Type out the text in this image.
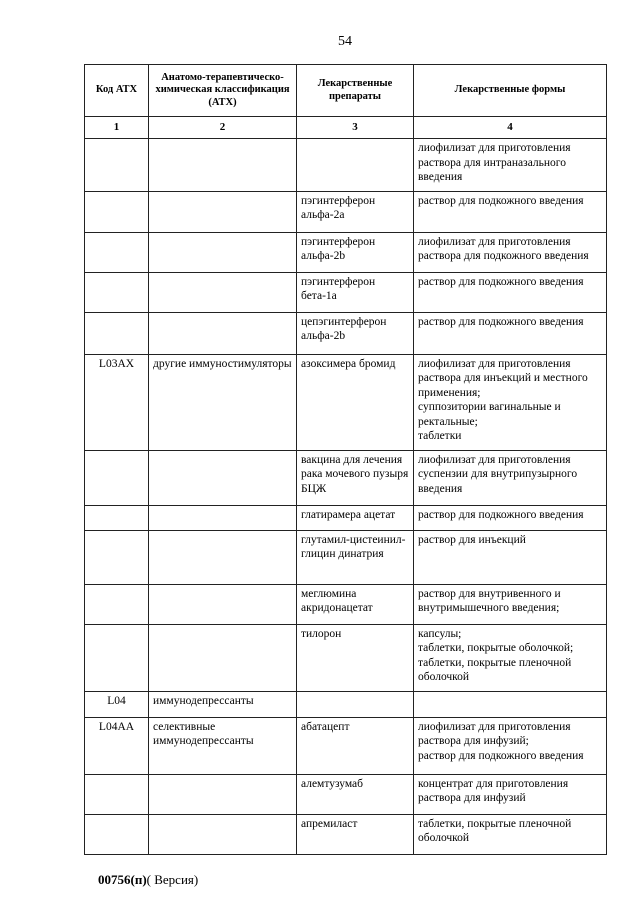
54
Код АТХ	Анатомо-терапевтическо-химическая классификация (АТХ)	Лекарственные препараты	Лекарственные формы
1	2	3	4
			лиофилизат для приготовления раствора для интраназального введения
		пэгинтерферон альфа-2a	раствор для подкожного введения
		пэгинтерферон альфа-2b	лиофилизат для приготовления раствора для подкожного введения
		пэгинтерферон бета-1a	раствор для подкожного введения
		цепэгинтерферон альфа-2b	раствор для подкожного введения
L03AX	другие иммуностимуляторы	азоксимера бромид	лиофилизат для приготовления раствора для инъекций и местного применения;
суппозитории вагинальные и ректальные;
таблетки
		вакцина для лечения рака мочевого пузыря БЦЖ	лиофилизат для приготовления суспензии для внутрипузырного введения
		глатирамера ацетат	раствор для подкожного введения
		глутамил-цистеинил-глицин динатрия	раствор для инъекций
		меглюмина акридонацетат	раствор для внутривенного и внутримышечного введения;
		тилорон	капсулы;
таблетки, покрытые оболочкой;
таблетки, покрытые пленочной оболочкой
L04	иммунодепрессанты		
L04AA	селективные иммунодепрессанты	абатацепт	лиофилизат для приготовления раствора для инфузий;
раствор для подкожного введения
		алемтузумаб	концентрат для приготовления раствора для инфузий
		апремиласт	таблетки, покрытые пленочной оболочкой
00756(п)( Версия)
